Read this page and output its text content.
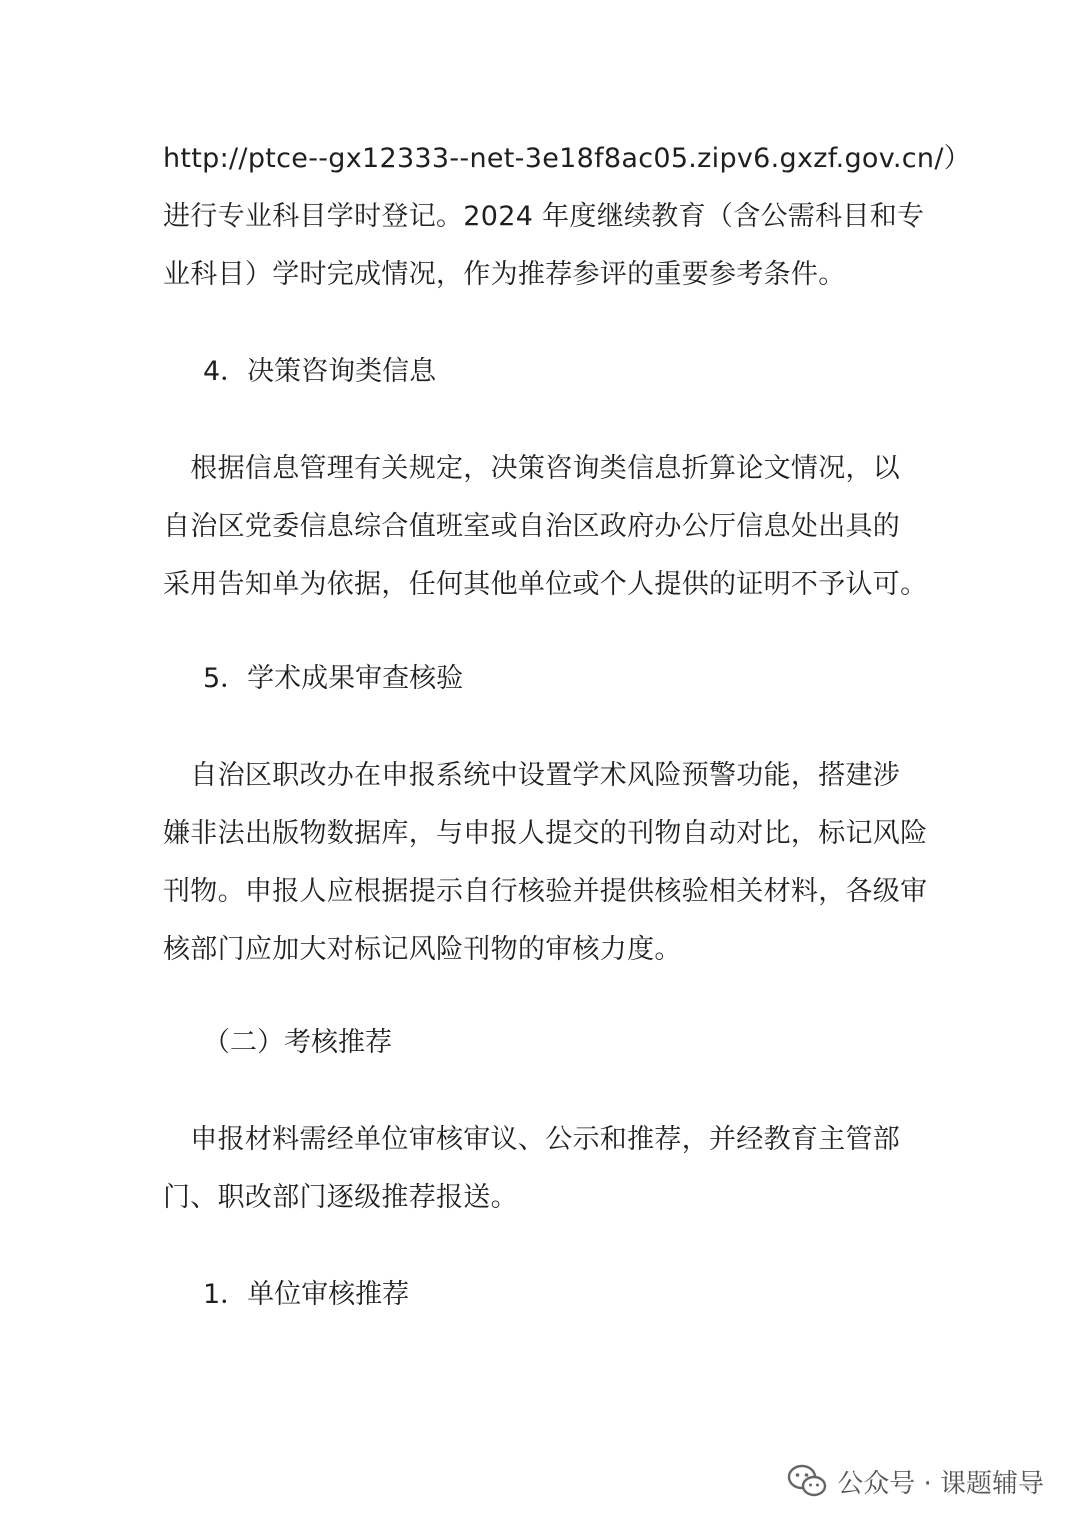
http://ptce--gx12333--net-3e18f8ac05.zipv6.gxzf.gov.cn/）
进行专业科目学时登记。2024 年度继续教育（含公需科目和专
业科目）学时完成情况，作为推荐参评的重要参考条件。
4．决策咨询类信息
　根据信息管理有关规定，决策咨询类信息折算论文情况，以
自治区党委信息综合值班室或自治区政府办公厅信息处出具的
采用告知单为依据，任何其他单位或个人提供的证明不予认可。
5．学术成果审查核验
　自治区职改办在申报系统中设置学术风险预警功能，搭建涉
嫌非法出版物数据库，与申报人提交的刊物自动对比，标记风险
刊物。申报人应根据提示自行核验并提供核验相关材料，各级审
核部门应加大对标记风险刊物的审核力度。
（二）考核推荐
　申报材料需经单位审核审议、公示和推荐，并经教育主管部
门、职改部门逐级推荐报送。
1．单位审核推荐
公众号 · 课题辅导
